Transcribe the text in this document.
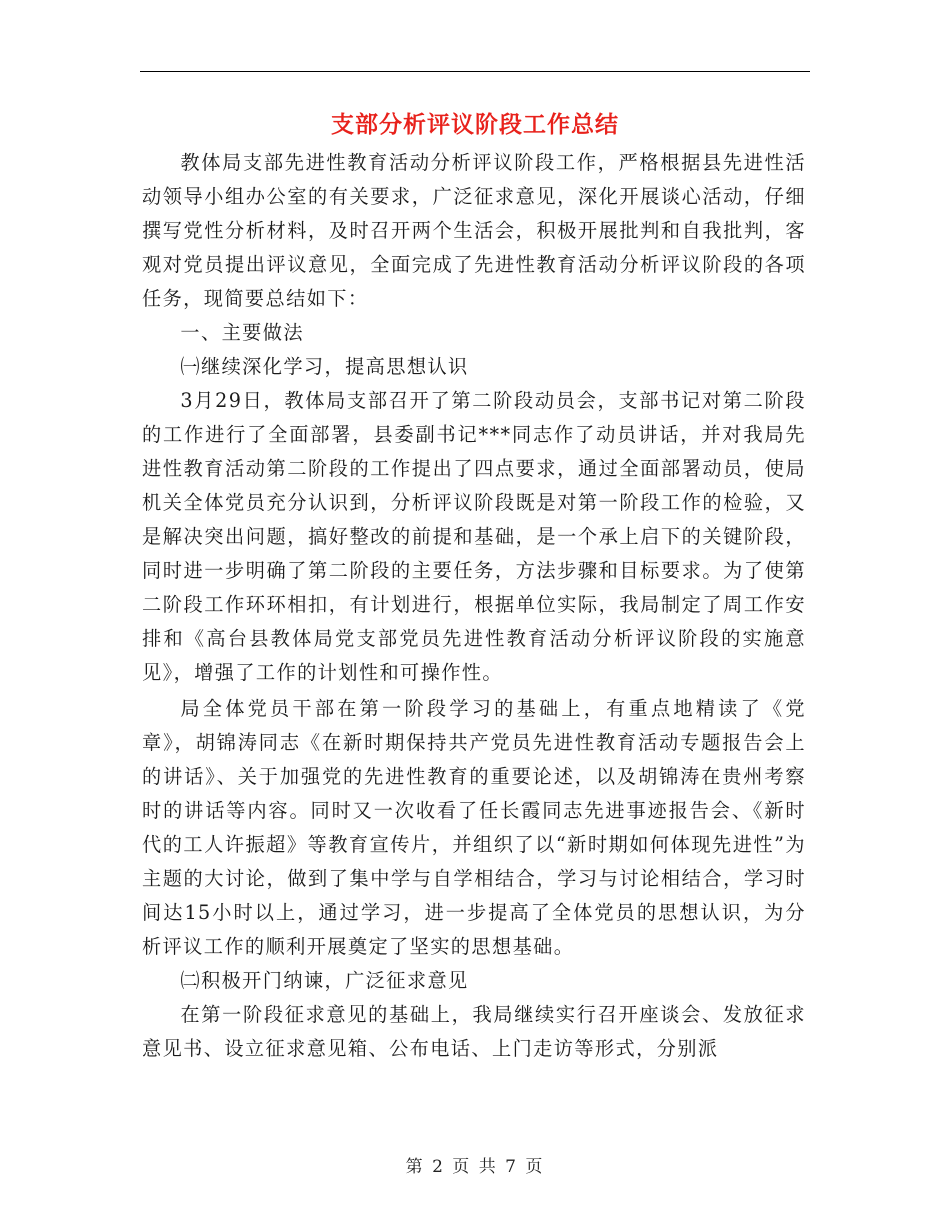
支部分析评议阶段工作总结

教体局支部先进性教育活动分析评议阶段工作，严格根据县先进性活动领导小组办公室的有关要求，广泛征求意见，深化开展谈心活动，仔细撰写党性分析材料，及时召开两个生活会，积极开展批判和自我批判，客观对党员提出评议意见，全面完成了先进性教育活动分析评议阶段的各项任务，现简要总结如下：

一、主要做法

㈠继续深化学习，提高思想认识

3月29日，教体局支部召开了第二阶段动员会，支部书记对第二阶段的工作进行了全面部署，县委副书记***同志作了动员讲话，并对我局先进性教育活动第二阶段的工作提出了四点要求，通过全面部署动员，使局机关全体党员充分认识到，分析评议阶段既是对第一阶段工作的检验，又是解决突出问题，搞好整改的前提和基础，是一个承上启下的关键阶段，同时进一步明确了第二阶段的主要任务，方法步骤和目标要求。为了使第二阶段工作环环相扣，有计划进行，根据单位实际，我局制定了周工作安排和《高台县教体局党支部党员先进性教育活动分析评议阶段的实施意见》，增强了工作的计划性和可操作性。

局全体党员干部在第一阶段学习的基础上，有重点地精读了《党章》，胡锦涛同志《在新时期保持共产党员先进性教育活动专题报告会上的讲话》、关于加强党的先进性教育的重要论述，以及胡锦涛在贵州考察时的讲话等内容。同时又一次收看了任长霞同志先进事迹报告会、《新时代的工人许振超》等教育宣传片，并组织了以“新时期如何体现先进性”为主题的大讨论，做到了集中学与自学相结合，学习与讨论相结合，学习时间达15小时以上，通过学习，进一步提高了全体党员的思想认识，为分析评议工作的顺利开展奠定了坚实的思想基础。

㈡积极开门纳谏，广泛征求意见

在第一阶段征求意见的基础上，我局继续实行召开座谈会、发放征求意见书、设立征求意见箱、公布电话、上门走访等形式，分别派

第 2 页 共 7 页
